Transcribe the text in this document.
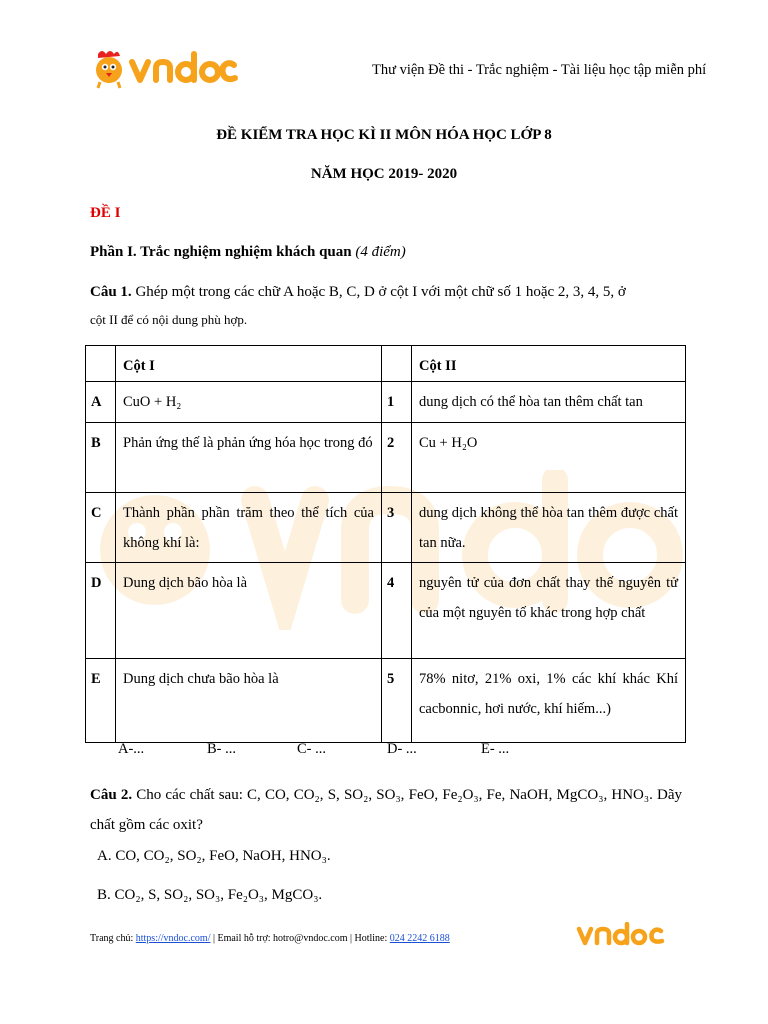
Thư viện Đề thi - Trắc nghiệm - Tài liệu học tập miễn phí
ĐỀ KIỂM TRA HỌC KÌ II MÔN HÓA HỌC LỚP 8
NĂM HỌC 2019- 2020
ĐỀ I
Phần I. Trắc nghiệm nghiệm khách quan (4 điểm)
Câu 1. Ghép một trong các chữ A hoặc B, C, D ở cột I với một chữ số 1 hoặc 2, 3, 4, 5, ở
cột II để có nội dung phù hợp.
	Cột I		Cột II
A	CuO + H₂	1	dung dịch có thể hòa tan thêm chất tan
B	Phản ứng thế là phản ứng hóa học trong đó	2	Cu + H₂O
C	Thành phần phần trăm theo thể tích của không khí là:	3	dung dịch không thể hòa tan thêm được chất tan nữa.
D	Dung dịch bão hòa là	4	nguyên tử của đơn chất thay thế nguyên tử của một nguyên tố khác trong hợp chất
E	Dung dịch chưa bão hòa là	5	78% nitơ, 21% oxi, 1% các khí khác Khí cacbonnic, hơi nước, khí hiếm...)
A-...	B- ...	C- ...	D- ...	E- ...
Câu 2. Cho các chất sau: C, CO, CO₂, S, SO₂, SO₃, FeO, Fe₂O₃, Fe, NaOH, MgCO₃, HNO₃. Dãy chất gồm các oxit?
A. CO, CO₂, SO₂, FeO, NaOH, HNO₃.
B. CO₂, S, SO₂, SO₃, Fe₂O₃, MgCO₃.
Trang chủ: https://vndoc.com/ | Email hỗ trợ: hotro@vndoc.com | Hotline: 024 2242 6188
